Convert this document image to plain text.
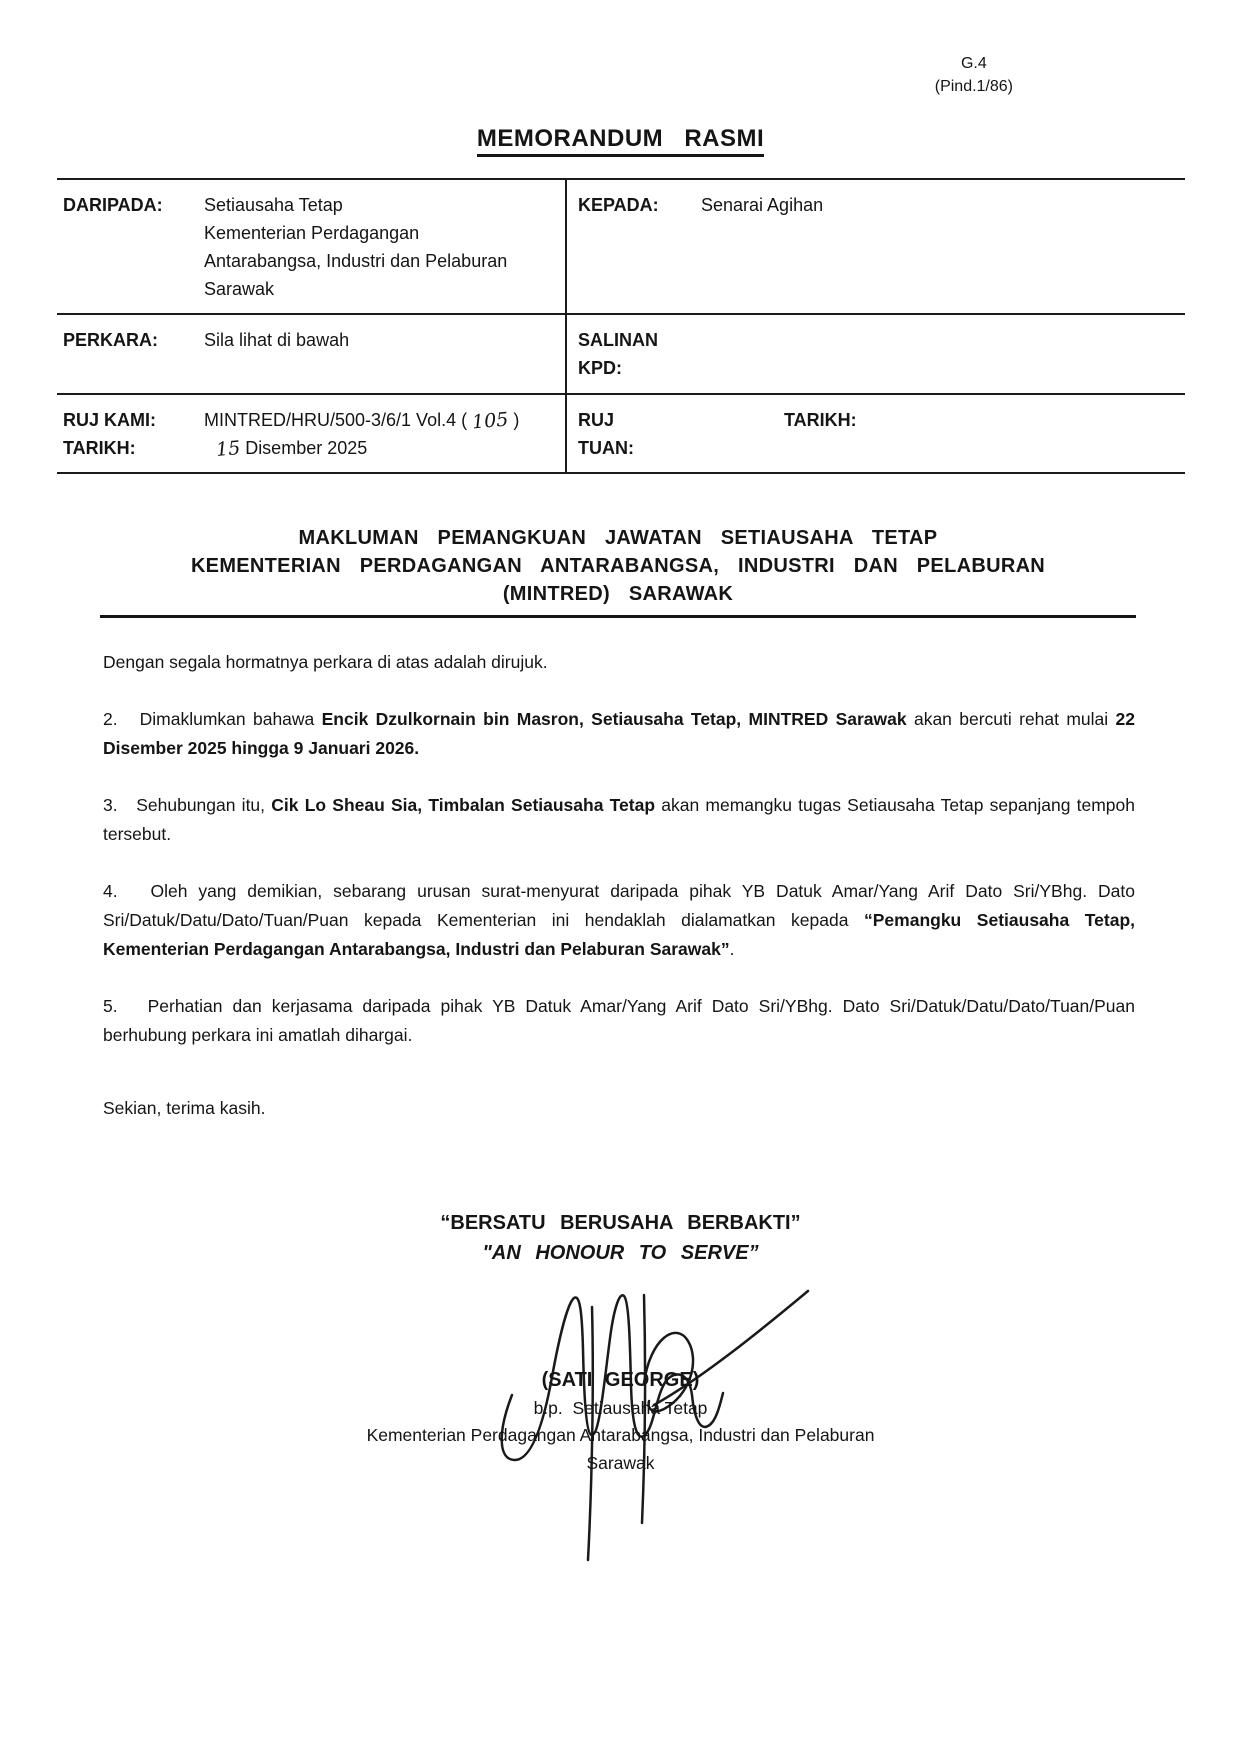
G.4
(Pind.1/86)
MEMORANDUM RASMI
DARIPADA:	Setiausaha Tetap
Kementerian Perdagangan
Antarabangsa, Industri dan Pelaburan
Sarawak
KEPADA:	Senarai Agihan
PERKARA:	Sila lihat di bawah	SALINAN
KPD:
RUJ KAMI:	MINTRED/HRU/500-3/6/1 Vol.4 ( 105 )
TARIKH:	15 Disember 2025
RUJ
TUAN:
TARIKH:
MAKLUMAN PEMANGKUAN JAWATAN SETIAUSAHA TETAP
KEMENTERIAN PERDAGANGAN ANTARABANGSA, INDUSTRI DAN PELABURAN
(MINTRED) SARAWAK

Dengan segala hormatnya perkara di atas adalah dirujuk.

2.   Dimaklumkan bahawa Encik Dzulkornain bin Masron, Setiausaha Tetap, MINTRED Sarawak akan bercuti rehat mulai 22 Disember 2025 hingga 9 Januari 2026.

3.   Sehubungan itu, Cik Lo Sheau Sia, Timbalan Setiausaha Tetap akan memangku tugas Setiausaha Tetap sepanjang tempoh tersebut.

4.   Oleh yang demikian, sebarang urusan surat-menyurat daripada pihak YB Datuk Amar/Yang Arif Dato Sri/YBhg. Dato Sri/Datuk/Datu/Dato/Tuan/Puan kepada Kementerian ini hendaklah dialamatkan kepada “Pemangku Setiausaha Tetap, Kementerian Perdagangan Antarabangsa, Industri dan Pelaburan Sarawak”.

5.   Perhatian dan kerjasama daripada pihak YB Datuk Amar/Yang Arif Dato Sri/YBhg. Dato Sri/Datuk/Datu/Dato/Tuan/Puan berhubung perkara ini amatlah dihargai.

Sekian, terima kasih.

“BERSATU BERUSAHA BERBAKTI”
"AN HONOUR TO SERVE”
(SATI GEORGE)
b.p.  Setiausaha Tetap
Kementerian Perdagangan Antarabangsa, Industri dan Pelaburan
Sarawak
